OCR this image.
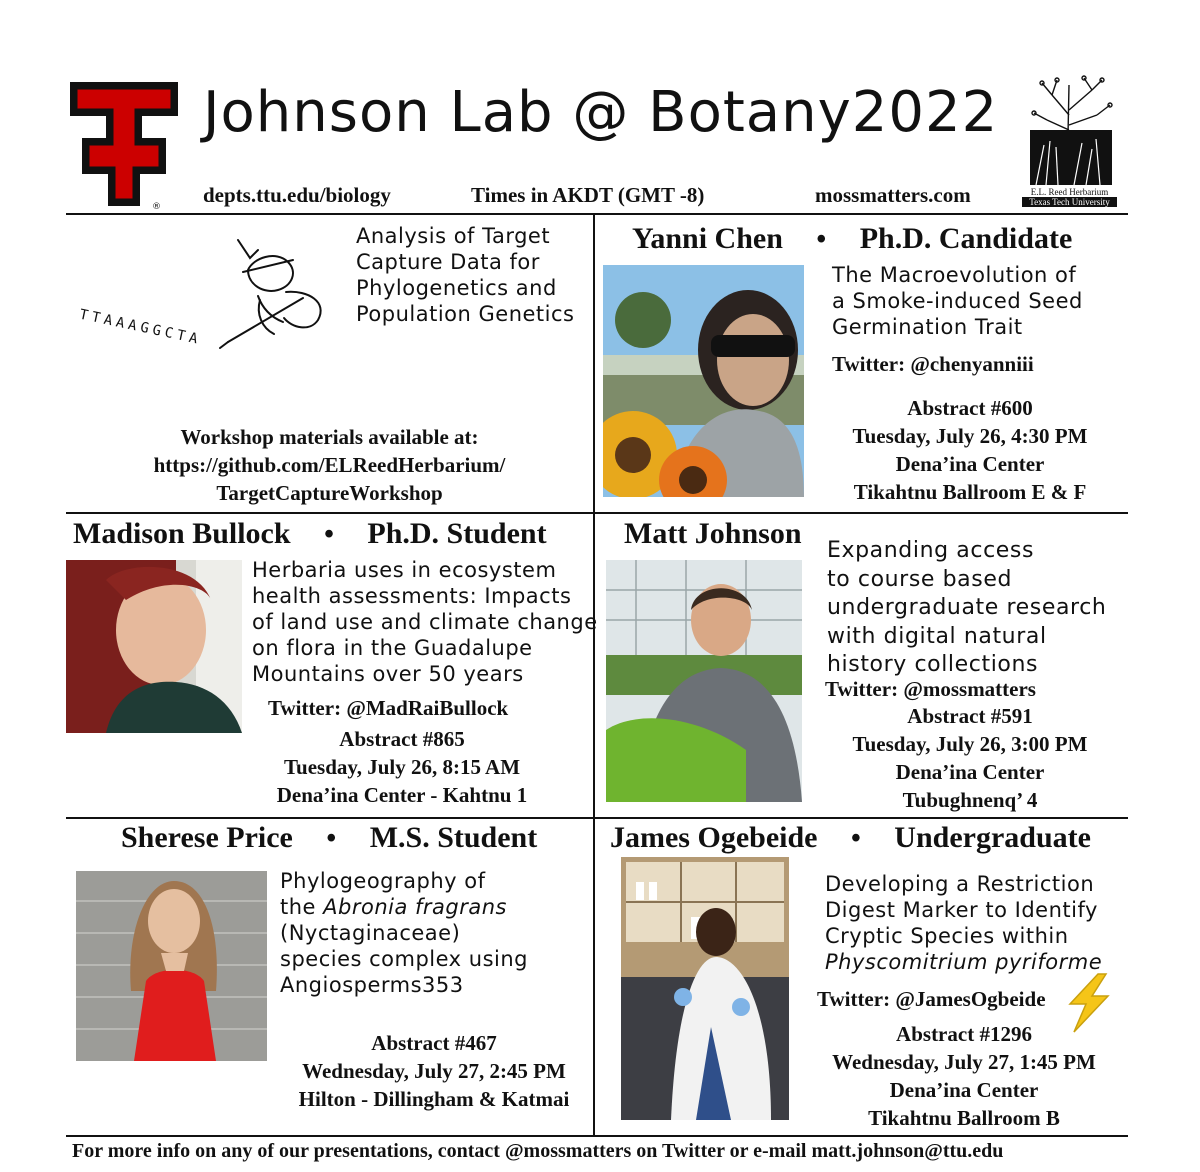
®
Johnson Lab @ Botany2022
depts.ttu.edu/biology	Times in AKDT (GMT -8)	mossmatters.com	E.L. Reed Herbarium
Texas Tech University
TTAAAGGCTA
Analysis of Target
Capture Data for
Phylogenetics and
Population Genetics
Workshop materials available at:
https://github.com/ELReedHerbarium/
TargetCaptureWorkshop
Yanni Chen • Ph.D. Candidate
The Macroevolution of
a Smoke-induced Seed
Germination Trait
Twitter: @chenyanniii
Abstract #600
Tuesday, July 26, 4:30 PM
Dena’ina Center
Tikahtnu Ballroom E & F
Madison Bullock • Ph.D. Student
Herbaria uses in ecosystem
health assessments: Impacts
of land use and climate change
on flora in the Guadalupe
Mountains over 50 years
Twitter: @MadRaiBullock
Abstract #865
Tuesday, July 26, 8:15 AM
Dena’ina Center - Kahtnu 1
Matt Johnson
Expanding access
to course based
undergraduate research
with digital natural
history collections
Twitter: @mossmatters
Abstract #591
Tuesday, July 26, 3:00 PM
Dena’ina Center
Tubughnenq’ 4
Sherese Price • M.S. Student
Phylogeography of
the Abronia fragrans
(Nyctaginaceae)
species complex using
Angiosperms353
Abstract #467
Wednesday, July 27, 2:45 PM
Hilton - Dillingham & Katmai
James Ogebeide • Undergraduate
Developing a Restriction
Digest Marker to Identify
Cryptic Species within
Physcomitrium pyriforme
Twitter: @JamesOgbeide
Abstract #1296
Wednesday, July 27, 1:45 PM
Dena’ina Center
Tikahtnu Ballroom B
For more info on any of our presentations, contact @mossmatters on Twitter or e-mail matt.johnson@ttu.edu
